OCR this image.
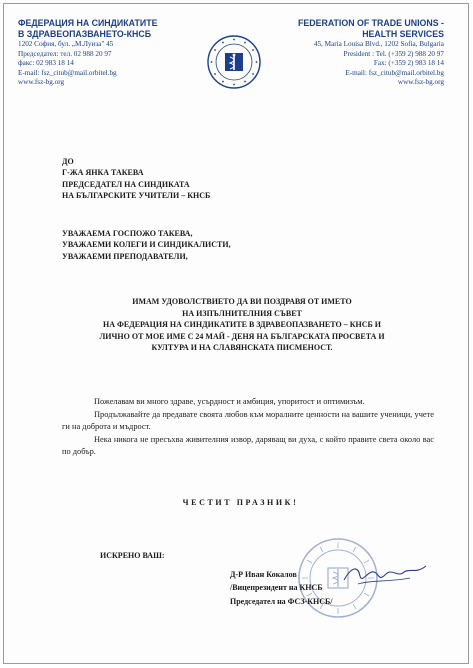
ФЕДЕРАЦИЯ НА СИНДИКАТИТЕ
В ЗДРАВЕОПАЗВАНЕТО-КНСБ
1202 София, бул. „М.Луиза" 45
Председател: тел. 02 988 20 97
факс: 02 983 18 14
E-mail: fsz_citub@mail.orbitel.bg
www.fsz-bg.org
FEDERATION OF TRADE UNIONS -
HEALTH SERVICES
45, Maria Louisa Blvd., 1202 Sofia, Bulgaria
President : Tel. (+359 2) 988 20 97
Fax: (+359 2) 983 18 14
E-mail: fsz_citub@mail.orbitel.bg
www.fsz-bg.org
ДО
Г-ЖА ЯНКА ТАКЕВА
ПРЕДСЕДАТЕЛ НА СИНДИКАТА
НА БЪЛГАРСКИТЕ УЧИТЕЛИ – КНСБ
УВАЖАЕМА ГОСПОЖО ТАКЕВА,
УВАЖАЕМИ КОЛЕГИ И СИНДИКАЛИСТИ,
УВАЖАЕМИ ПРЕПОДАВАТЕЛИ,
ИМАМ УДОВОЛСТВИЕТО ДА ВИ ПОЗДРАВЯ ОТ ИМЕТО
НА ИЗПЪЛНИТЕЛНИЯ СЪВЕТ
НА ФЕДЕРАЦИЯ НА СИНДИКАТИТЕ В ЗДРАВЕОПАЗВАНЕТО – КНСБ И
ЛИЧНО ОТ МОЕ ИМЕ С 24 МАЙ - ДЕНЯ НА БЪЛГАРСКАТА ПРОСВЕТА И
КУЛТУРА И НА СЛАВЯНСКАТА ПИСМЕНОСТ.

Пожелавам ви много здраве, усърдност и амбиция, упоритост и оптимизъм.

Продължавайте да предавате своята любов към моралните ценности на вашите ученици, учете ги на доброта и мъдрост.

Нека никога не пресъхва живителния извор, даряващ ви духа, с който правите света около вас по добър.

ЧЕСТИТ ПРАЗНИК!
ИСКРЕНО ВАШ:
Д-Р Иван Кокалов
/Вицепрезидент на КНСБ
Председател на ФСЗ-КНСБ/
